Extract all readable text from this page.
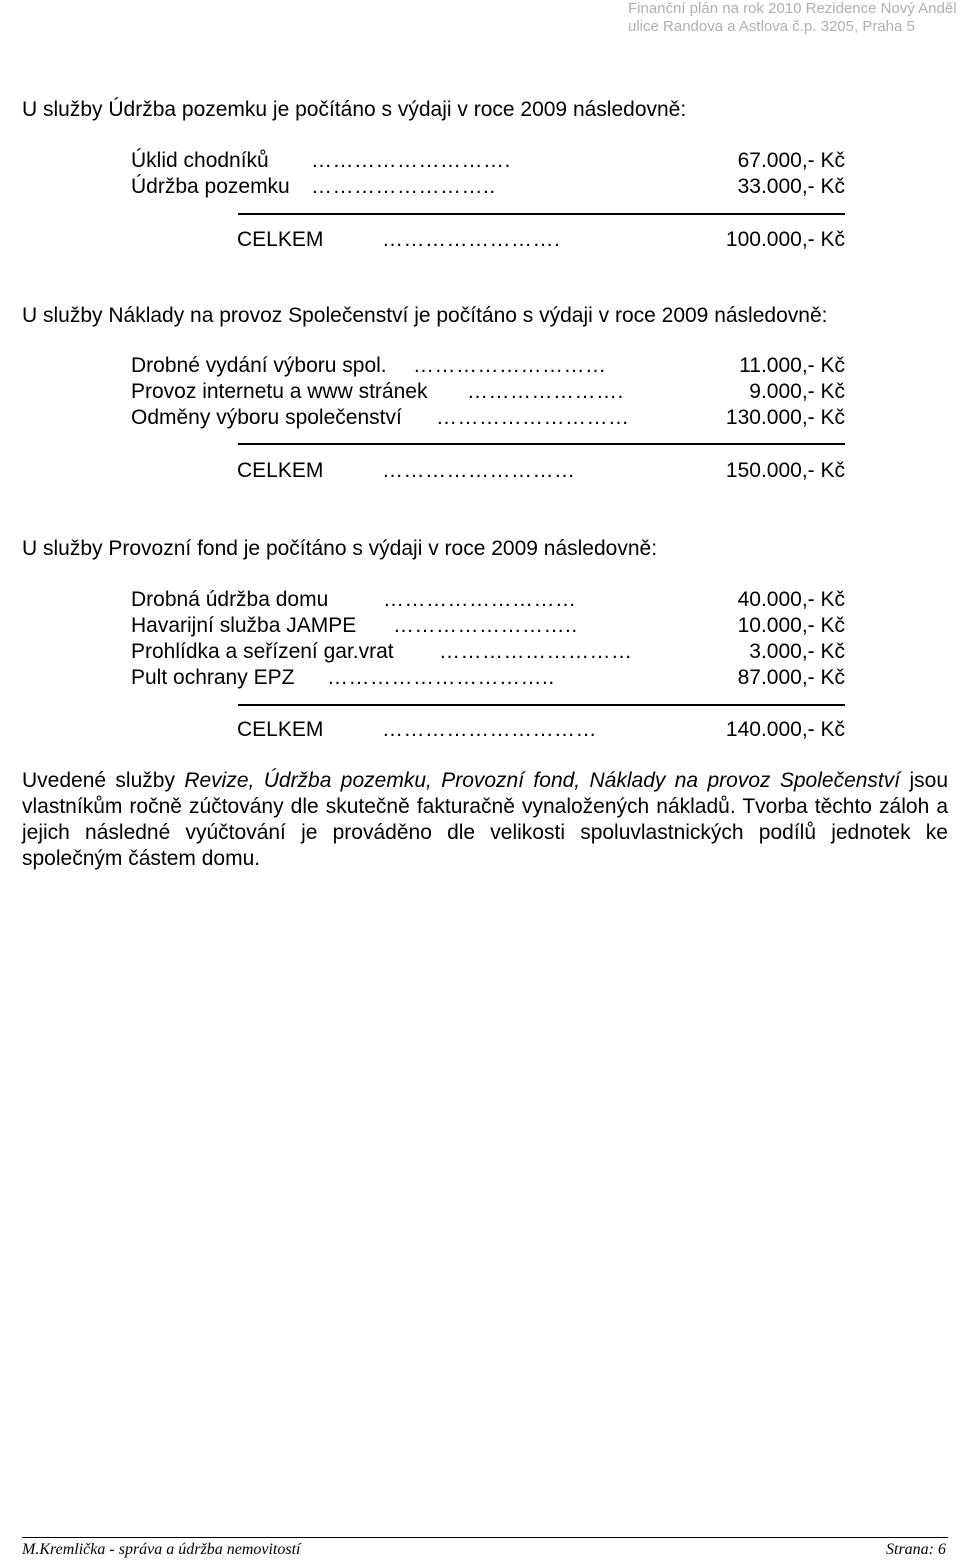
Finanční plán na rok 2010 Rezidence Nový Anděl
ulice Randova a Astlova č.p. 3205, Praha 5
U služby Údržba pozemku je počítáno s výdaji v roce 2009 následovně:
Úklid chodníků ……………………….	67.000,- Kč
Údržba pozemku ……………………..	33.000,- Kč
CELKEM	…………………….	100.000,- Kč
U služby Náklady na provoz Společenství je počítáno s výdaji v roce 2009 následovně:
Drobné vydání výboru spol. ………………………	11.000,- Kč
Provoz internetu a www stránek ………………….	9.000,- Kč
Odměny výboru společenství ………………………	130.000,- Kč
CELKEM	………………………	150.000,- Kč
U služby Provozní fond je počítáno s výdaji v roce 2009 následovně:
Drobná údržba domu	………………………	40.000,- Kč
Havarijní služba JAMPE ……………………..	10.000,- Kč
Prohlídka a seřízení gar.vrat ………………………	3.000,- Kč
Pult ochrany EPZ …………………………..	87.000,- Kč
CELKEM	…………………………	140.000,- Kč

Uvedené služby Revize, Údržba pozemku, Provozní fond, Náklady na provoz Společenství jsou vlastníkům ročně zúčtovány dle skutečně fakturačně vynaložených nákladů. Tvorba těchto záloh a jejich následné vyúčtování je prováděno dle velikosti spoluvlastnických podílů jednotek ke společným částem domu.

M.Kremlička - správa a údržba nemovitostí	Strana: 6
